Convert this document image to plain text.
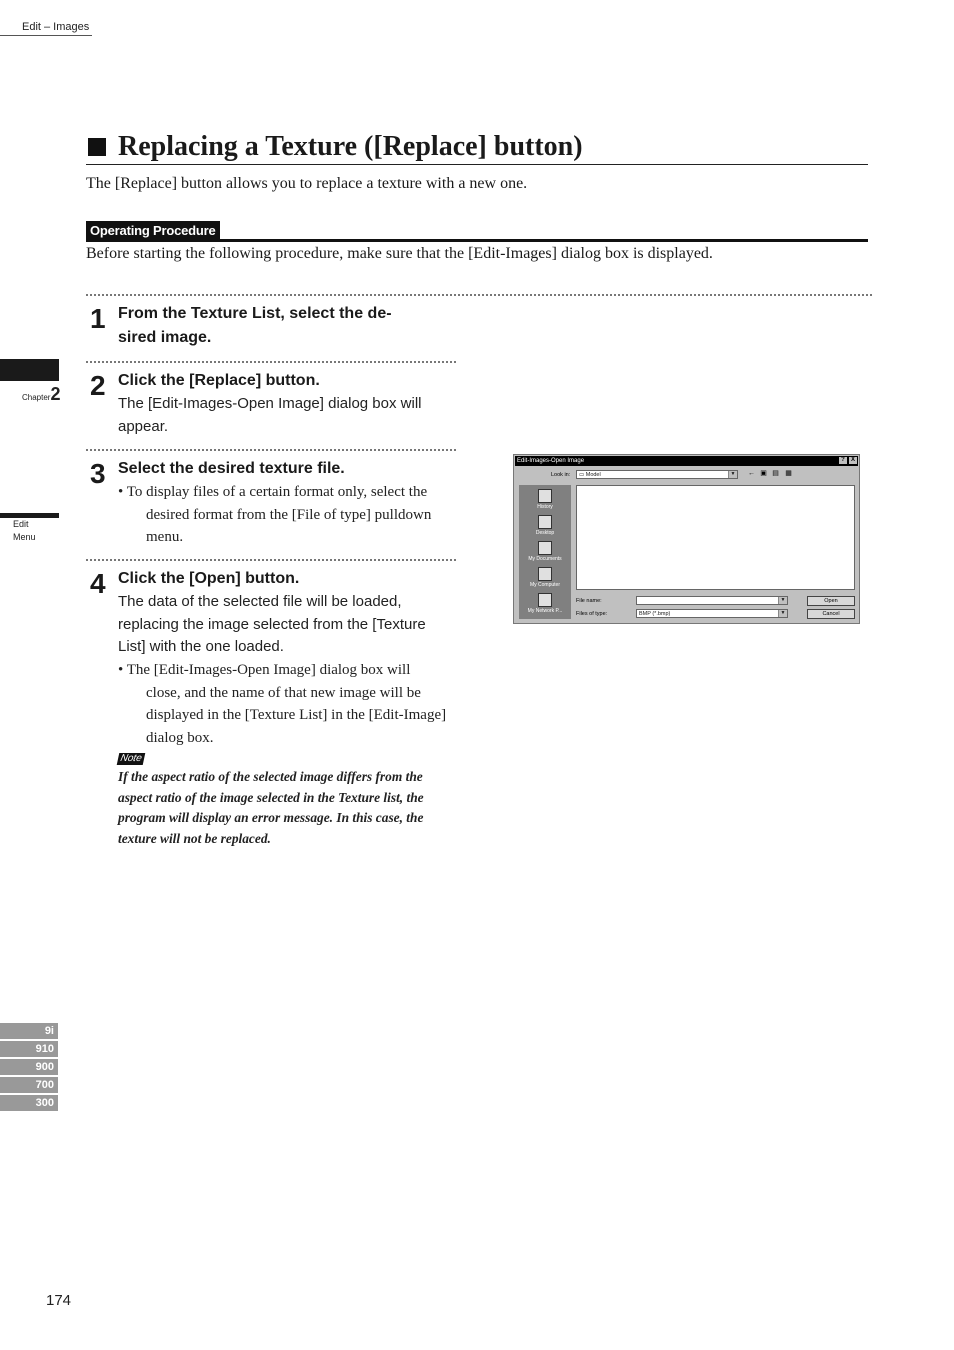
Edit – Images
Replacing a Texture ([Replace] button)
The [Replace] button allows you to replace a texture with a new one.
Operating Procedure
Before starting the following procedure, make sure that the [Edit-Images] dialog box is displayed.
1 From the Texture List, select the de-
sired image.
2 Click the [Replace] button.
The [Edit-Images-Open Image] dialog box will
appear.
3 Select the desired texture file.
• To display files of a certain format only, select the
desired format from the [File of type] pulldown
menu.
4 Click the [Open] button.
The data of the selected file will be loaded,
replacing the image selected from the [Texture
List] with the one loaded.
• The [Edit-Images-Open Image] dialog box will
close, and the name of that new image will be
displayed in the [Texture List] in the [Edit-Image]
dialog box.
Note
If the aspect ratio of the selected image differs from the
aspect ratio of the image selected in the Texture list, the
program will display an error message. In this case, the
texture will not be replaced.
Edit-Images-Open Image	?	X
Look in:	▭ Model	▼ ← ▣ ▤ ▦
History
Desktop
My Documents
My Computer
My Network P...
File name:	▼
Files of type:	BMP (*.bmp)	▼
Open
Cancel
Chapter2
Edit
Menu
9i
910
900
700
300
174
